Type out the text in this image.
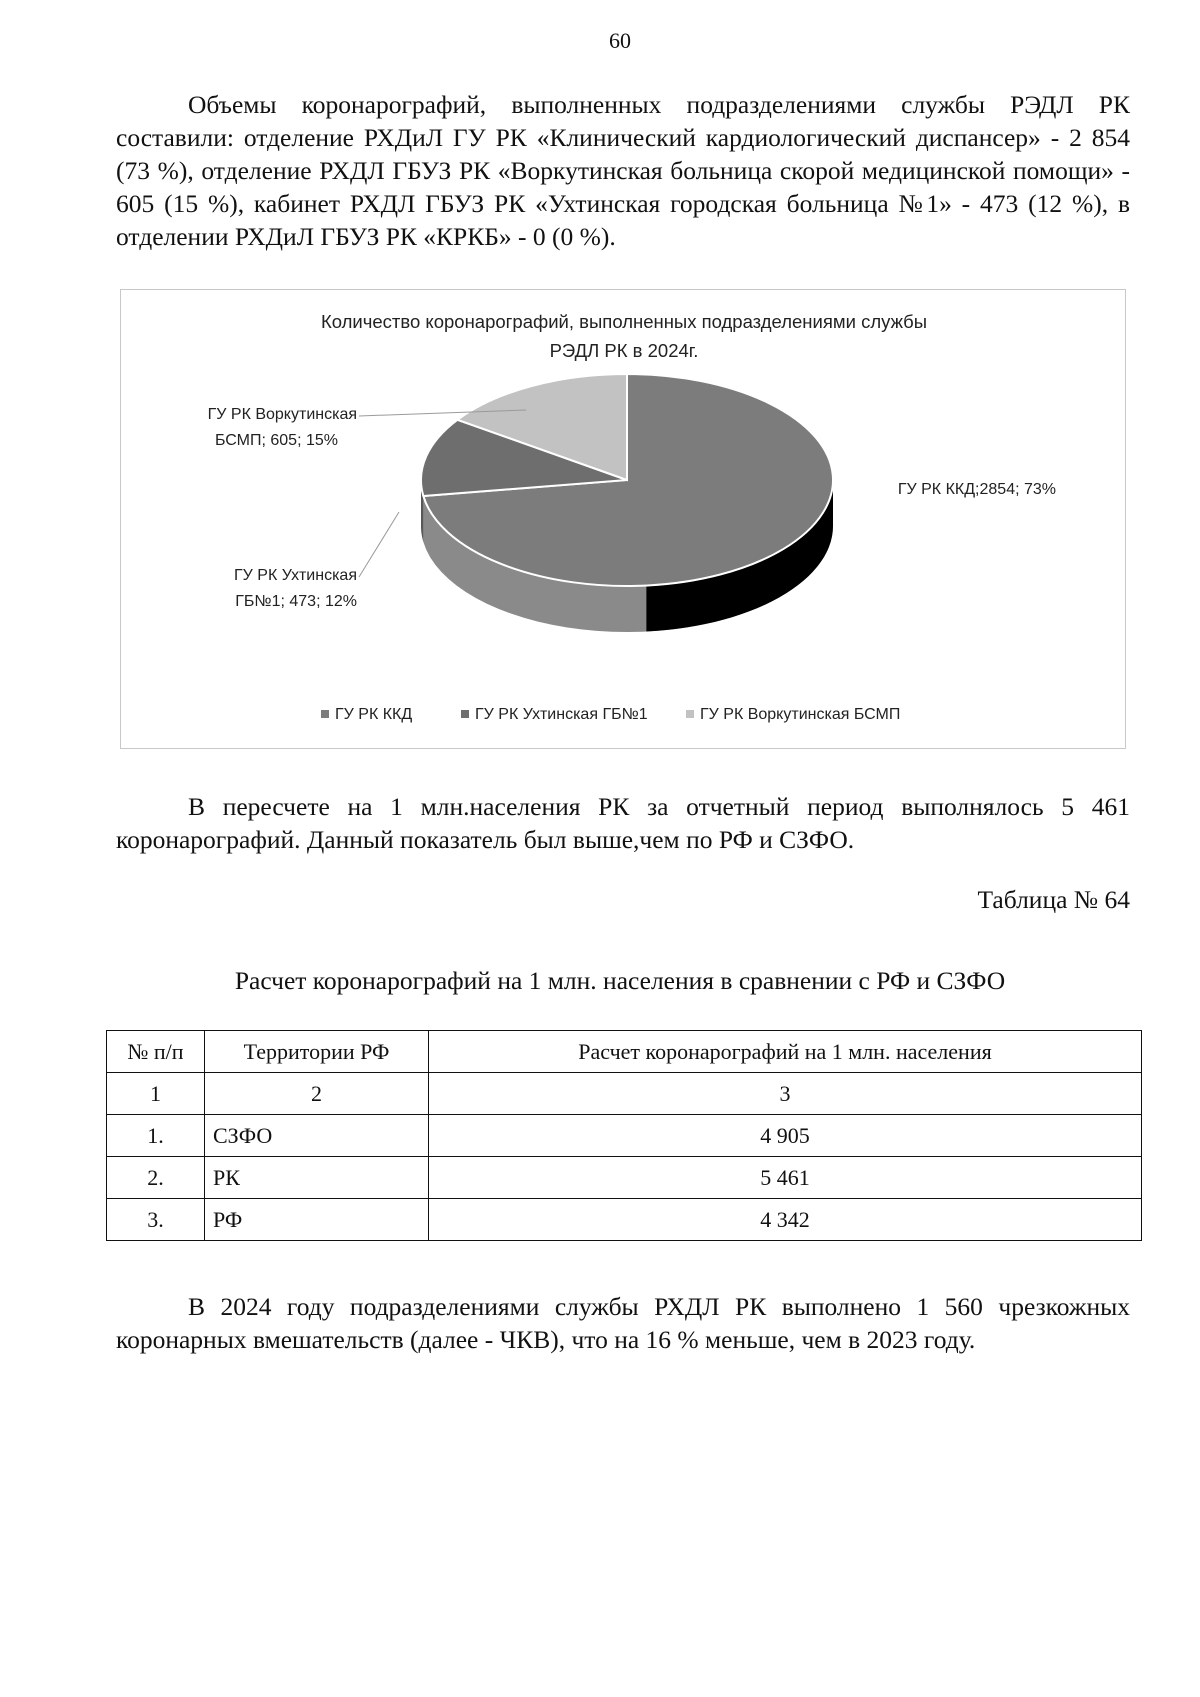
60

Объемы коронарографий, выполненных подразделениями службы РЭДЛ РК составили: отделение РХДиЛ ГУ РК «Клинический кардиологический диспансер» - 2 854 (73 %), отделение РХДЛ ГБУЗ РК «Воркутинская больница скорой медицинской помощи» - 605 (15 %), кабинет РХДЛ ГБУЗ РК «Ухтинская городская больница №1» - 473 (12 %), в отделении РХДиЛ ГБУЗ РК «КРКБ» - 0 (0 %).

Количество коронарографий, выполненных подразделениями службы
РЭДЛ РК в 2024г.
ГУ РК ККД;2854; 73%
ГУ РК Воркутинская
БСМП; 605; 15%
ГУ РК Ухтинская
ГБ№1; 473; 12%
ГУ РК ККД	ГУ РК Ухтинская ГБ№1	ГУ РК Воркутинская БСМП

В пересчете на 1 млн.населения РК за отчетный период выполнялось 5 461 коронарографий. Данный показатель был выше,чем по РФ и СЗФО.

Таблица № 64
Расчет коронарографий на 1 млн. населения в сравнении с РФ и СЗФО
№ п/п	Территории РФ	Расчет коронарографий на 1 млн. населения
1	2	3
1.	СЗФО	4 905
2.	РК	5 461
3.	РФ	4 342

В 2024 году подразделениями службы РХДЛ РК выполнено 1 560 чрезкожных коронарных вмешательств (далее - ЧКВ), что на 16 % меньше, чем в 2023 году.
